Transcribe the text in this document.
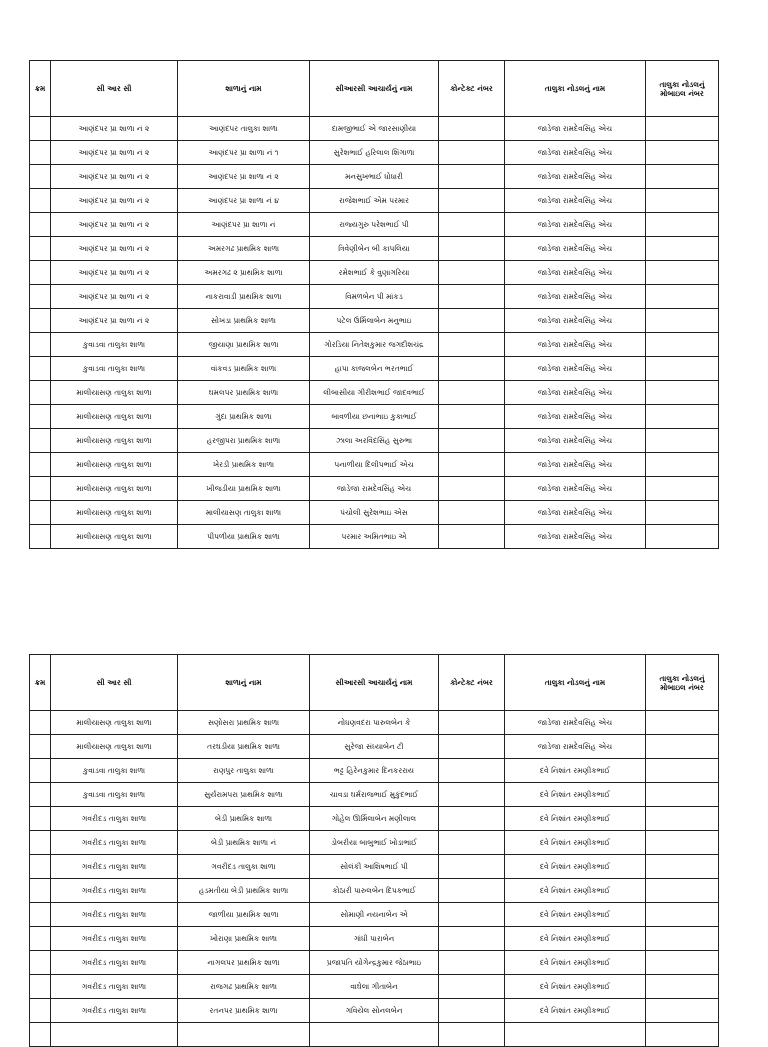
ક્રમ	સી આર સી	શાળાનું નામ	સીઆરસી આચાર્યનું નામ	કોન્ટેક્ટ નંબર	તાલુકા નોડલનું નામ	તાલુકા નોડલનું મોબાઇલ નંબર
	આણંદપર પ્રા શાળા નં ૨	આણંદપર તાલુકા શાળા	દામજીભાઈ એ જારસાણીયા		જાડેજા રામદેવસિંહ એચ	
	આણંદપર પ્રા શાળા નં ૨	આણંદપર પ્રા શાળા નં ૧	સુરેશભાઈ હરિલાલ શિંગાળા		જાડેજા રામદેવસિંહ એચ	
	આણંદપર પ્રા શાળા નં ૨	આણંદપર પ્રા શાળા નં ૨	મનસુખભાઈ ધોધારી		જાડેજા રામદેવસિંહ એચ	
	આણંદપર પ્રા શાળા નં ૨	આણંદપર પ્રા શાળા નં ૪	રાજેશભાઈ એમ પરમાર		જાડેજા રામદેવસિંહ એચ	
	આણંદપર પ્રા શાળા નં ૨	આણંદપર પ્રા શાળા નં	રાજ્યગુરુ પરેશભાઈ પી		જાડેજા રામદેવસિંહ એચ	
	આણંદપર પ્રા શાળા નં ૨	અમરગઢ પ્રાથમિક શાળા	ત્રિવેણીબેન બી કાપલિયા		જાડેજા રામદેવસિંહ એચ	
	આણંદપર પ્રા શાળા નં ૨	અમરગઢ ૨ પ્રાથમિક શાળા	રમેશભાઈ કે વુણાગરિયા		જાડેજા રામદેવસિંહ એચ	
	આણંદપર પ્રા શાળા નં ૨	નાકરાવાડી પ્રાથમિક શાળા	વિમળબેન પી માંકડ		જાડેજા રામદેવસિંહ એચ	
	આણંદપર પ્રા શાળા નં ૨	સોખડા પ્રાથમિક શાળા	પટેલ ઉર્મિલાબેન મનુભાઇ		જાડેજા રામદેવસિંહ એચ	
	કુવાડવા તાલુકા શાળા	જીયાણા પ્રાથમિક શાળા	ગોરડિયા નિતેશકુમાર જગદીશચંદ્ર		જાડેજા રામદેવસિંહ એચ	
	કુવાડવા તાલુકા શાળા	વાંકવડ પ્રાથમિક શાળા	હાપા કાજલબેન ભરતભાઈ		જાડેજા રામદેવસિંહ એચ	
	માલીયાસણ તાલુકા શાળા	ઘમલપર પ્રાથમિક શાળા	લીબાસીયા ગીરીશભાઈ જાદવભાઈ		જાડેજા રામદેવસિંહ એચ	
	માલીયાસણ તાલુકા શાળા	ગુંદા પ્રાથમિક શાળા	બાવળીયા છનાભાઇ કુકાભાઈ		જાડેજા રામદેવસિંહ એચ	
	માલીયાસણ તાલુકા શાળા	હરજીપરા પ્રાથમિક શાળા	ઝાલા અરવિંદસિંહ સુરુભા		જાડેજા રામદેવસિંહ એચ	
	માલીયાસણ તાલુકા શાળા	ખેરડી પ્રાથમિક શાળા	પનાળીયા દિલીપભાઈ એચ		જાડેજા રામદેવસિંહ એચ	
	માલીયાસણ તાલુકા શાળા	ખીજડીયા પ્રાથમિક શાળા	જાડેજા રામદેવસિંહ એચ		જાડેજા રામદેવસિંહ એચ	
	માલીયાસણ તાલુકા શાળા	માલીયાસણ તાલુકા શાળા	પંચોલી સુરેશભાઇ એસ		જાડેજા રામદેવસિંહ એચ	
	માલીયાસણ તાલુકા શાળા	પીપળીયા પ્રાથમિક શાળા	પરમાર અમિતભાઇ એ		જાડેજા રામદેવસિંહ એચ	
ક્રમ	સી આર સી	શાળાનું નામ	સીઆરસી આચાર્યનું નામ	કોન્ટેક્ટ નંબર	તાલુકા નોડલનું નામ	તાલુકા નોડલનું મોબાઇલ નંબર
	માલીયાસણ તાલુકા શાળા	સણોસરા પ્રાથમિક શાળા	નોધણવદરા પારુલબેન કે		જાડેજા રામદેવસિંહ એચ	
	માલીયાસણ તાલુકા શાળા	તરઘડીયા પ્રાથમિક શાળા	સુરેજા સંધ્યાબેન ટી		જાડેજા રામદેવસિંહ એચ	
	કુવાડવા તાલુકા શાળા	રાણપુર તાલુકા શાળા	ભટ્ટ હિરેનકુમાર દિનકરરાય		દવે નિશાંત રમણીકભાઈ	
	કુવાડવા તાલુકા શાળા	સુર્યરામપરા પ્રાથમિક શાળા	ચાવડા ઘર્મરાજભાઈ મુકુંદભાઈ		દવે નિશાંત રમણીકભાઈ	
	ગવરીદડ તાલુકા શાળા	બેડી પ્રાથમિક શાળા	ગોહેલ ઊર્મિલાબેન મણીલાલ		દવે નિશાંત રમણીકભાઈ	
	ગવરીદડ તાલુકા શાળા	બેડી પ્રાથમિક શાળા નં	ડોબરીયા બાબુભાઈ ખોડાભાઈ		દવે નિશાંત રમણીકભાઈ	
	ગવરીદડ તાલુકા શાળા	ગવરીદડ તાલુકા શાળા	સોલંકી આશિષભાઈ પી		દવે નિશાંત રમણીકભાઈ	
	ગવરીદડ તાલુકા શાળા	હડમતીયા બેડી પ્રાથમિક શાળા	કોઠારી પારુલબેન દિપકભાઈ		દવે નિશાંત રમણીકભાઈ	
	ગવરીદડ તાલુકા શાળા	જાળીયા પ્રાથમિક શાળા	સોમાણી નયનાબેન એ		દવે નિશાંત રમણીકભાઈ	
	ગવરીદડ તાલુકા શાળા	ખોરાણા પ્રાથમિક શાળા	ગાંધી પારાબેન		દવે નિશાંત રમણીકભાઈ	
	ગવરીદડ તાલુકા શાળા	નાગલપર પ્રાથમિક શાળા	પ્રજાપતિ યોગેન્દ્રકુમાર જેઠાભાઇ		દવે નિશાંત રમણીકભાઈ	
	ગવરીદડ તાલુકા શાળા	રાજગઢ પ્રાથમિક શાળા	વાઘેલા ગીતાબેન		દવે નિશાંત રમણીકભાઈ	
	ગવરીદડ તાલુકા શાળા	રતનપર પ્રાથમિક શાળા	ગવિયેલ સોનલબેન		દવે નિશાંત રમણીકભાઈ	
